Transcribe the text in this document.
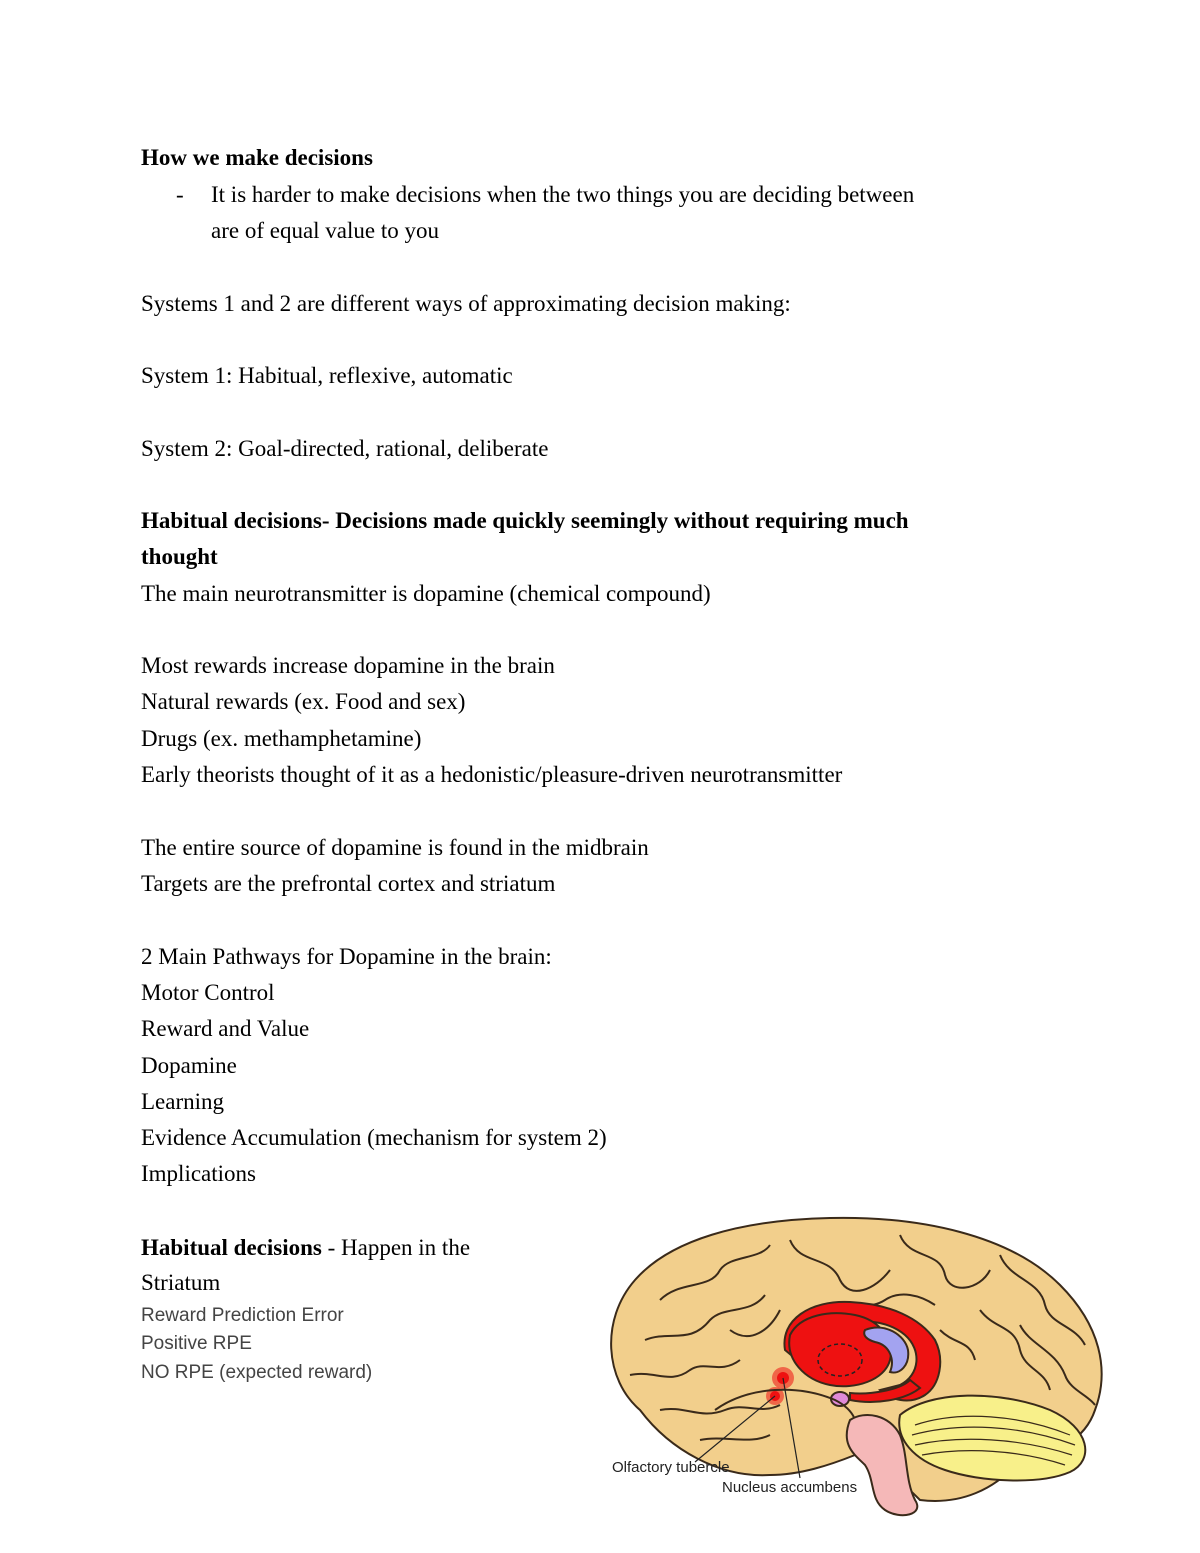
How we make decisions

- It is harder to make decisions when the two things you are deciding between

are of equal value to you

Systems 1 and 2 are different ways of approximating decision making:

System 1: Habitual, reflexive, automatic

System 2: Goal-directed, rational, deliberate

Habitual decisions- Decisions made quickly seemingly without requiring much

thought

The main neurotransmitter is dopamine (chemical compound)

Most rewards increase dopamine in the brain

Natural rewards (ex. Food and sex)

Drugs (ex. methamphetamine)

Early theorists thought of it as a hedonistic/pleasure-driven neurotransmitter

The entire source of dopamine is found in the midbrain

Targets are the prefrontal cortex and striatum

2 Main Pathways for Dopamine in the brain:

Motor Control

Reward and Value

Dopamine

Learning

Evidence Accumulation (mechanism for system 2)

Implications

Habitual decisions - Happen in the

Striatum

Reward Prediction Error

Positive RPE

NO RPE (expected reward)

Olfactory tubercle
Nucleus accumbens
